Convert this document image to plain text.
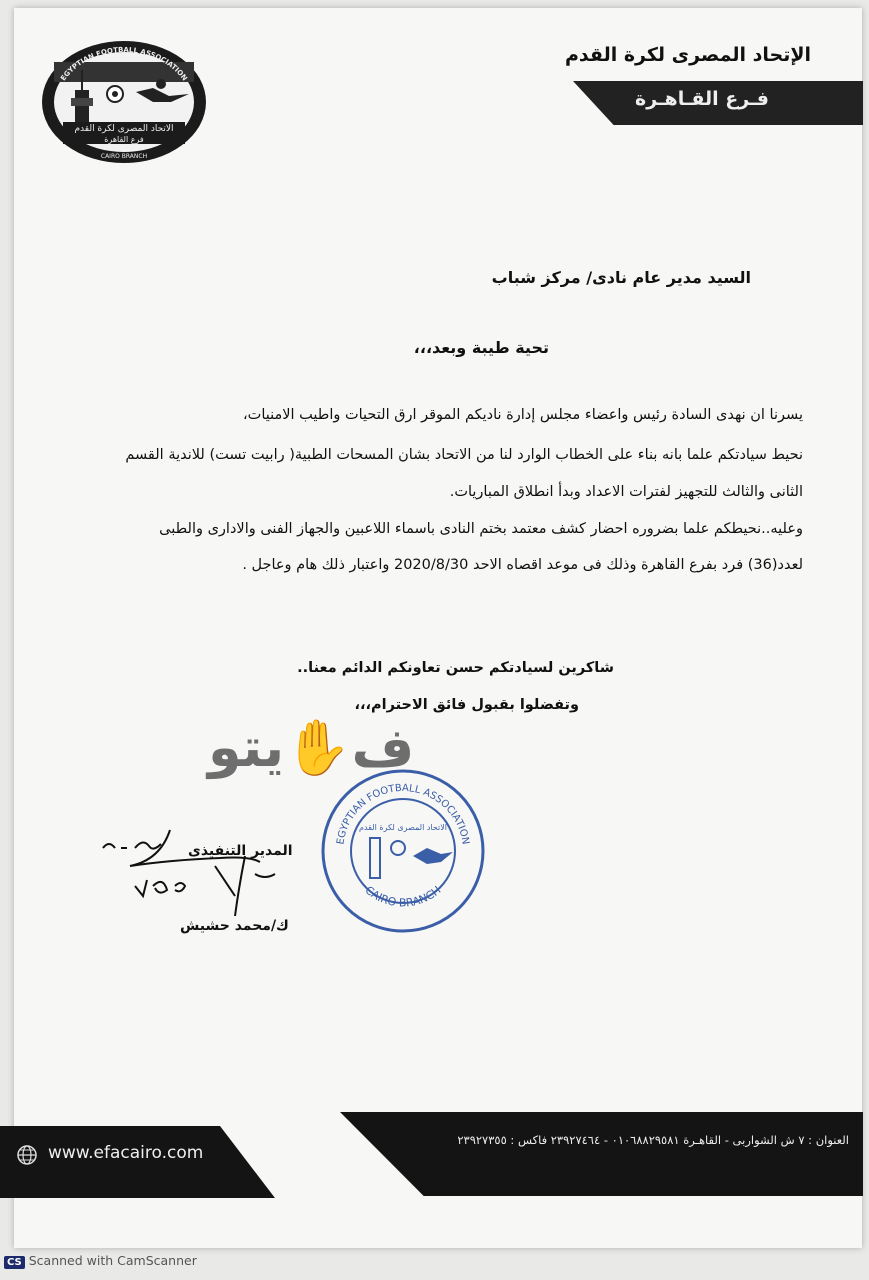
الإتحاد المصرى لكرة القدم
فـرع القـاهـرة
EGYPTIAN FOOTBALL ASSOCIATION
الاتحاد المصرى لكرة القدم
فرع القاهرة
CAIRO BRANCH
السيد مدير عام نادى/ مركز شباب
تحية طيبة وبعد،،،
يسرنا ان نهدى السادة رئيس واعضاء مجلس إدارة ناديكم الموقر ارق التحيات واطيب الامنيات،
نحيط سيادتكم علما بانه بناء على الخطاب الوارد لنا من الاتحاد بشان المسحات الطبية( رابيت تست) للاندية القسم
الثانى والثالث للتجهيز لفترات الاعداد وبدأ انطلاق المباريات.
وعليه..نحيطكم علما بضروره احضار كشف معتمد بختم النادى باسماء اللاعبين والجهاز الفنى والادارى والطبى
لعدد(36) فرد بفرع القاهرة وذلك فى موعد اقصاه الاحد 2020/8/30 واعتبار ذلك هام وعاجل .
شاكرين لسيادتكم حسن تعاونكم الدائم معنا..
وتفضلوا بقبول فائق الاحترام،،،
ف✋يتو
المدير التنفيذى
ك/محمد حشيش
EGYPTIAN FOOTBALL ASSOCIATION
CAIRO BRANCH
الاتحاد المصرى لكرة القدم
www.efacairo.com
العنوان : ٧ ش الشواربى - القاهـرة ٠١٠٦٨٨٢٩٥٨١ - ٢٣٩٢٧٤٦٤ فاكس : ٢٣٩٢٧٣٥٥
CS Scanned with CamScanner
